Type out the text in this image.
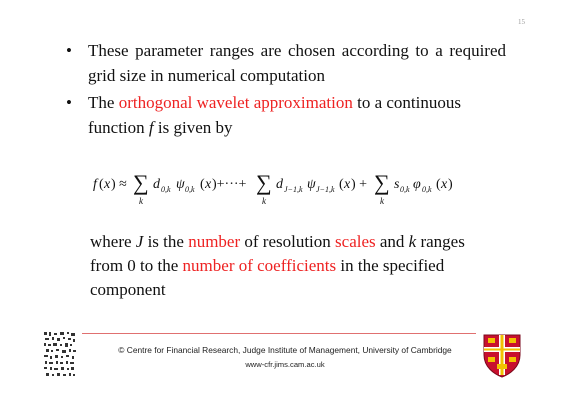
15
• These parameter ranges are chosen according to a required grid size in numerical computation
• The orthogonal wavelet approximation to a continuous function f is given by
f ( x ) ≈ ∑
k
d 0,k ψ 0,k ( x )+···+ ∑
k
d J−1,k ψ J−1,k ( x ) + ∑
k
s 0,k φ 0,k ( x )
where J is the number of resolution scales and k ranges from 0 to the number of coefficients in the specified component
© Centre for Financial Research, Judge Institute of Management, University of Cambridge
www-cfr.jims.cam.ac.uk
